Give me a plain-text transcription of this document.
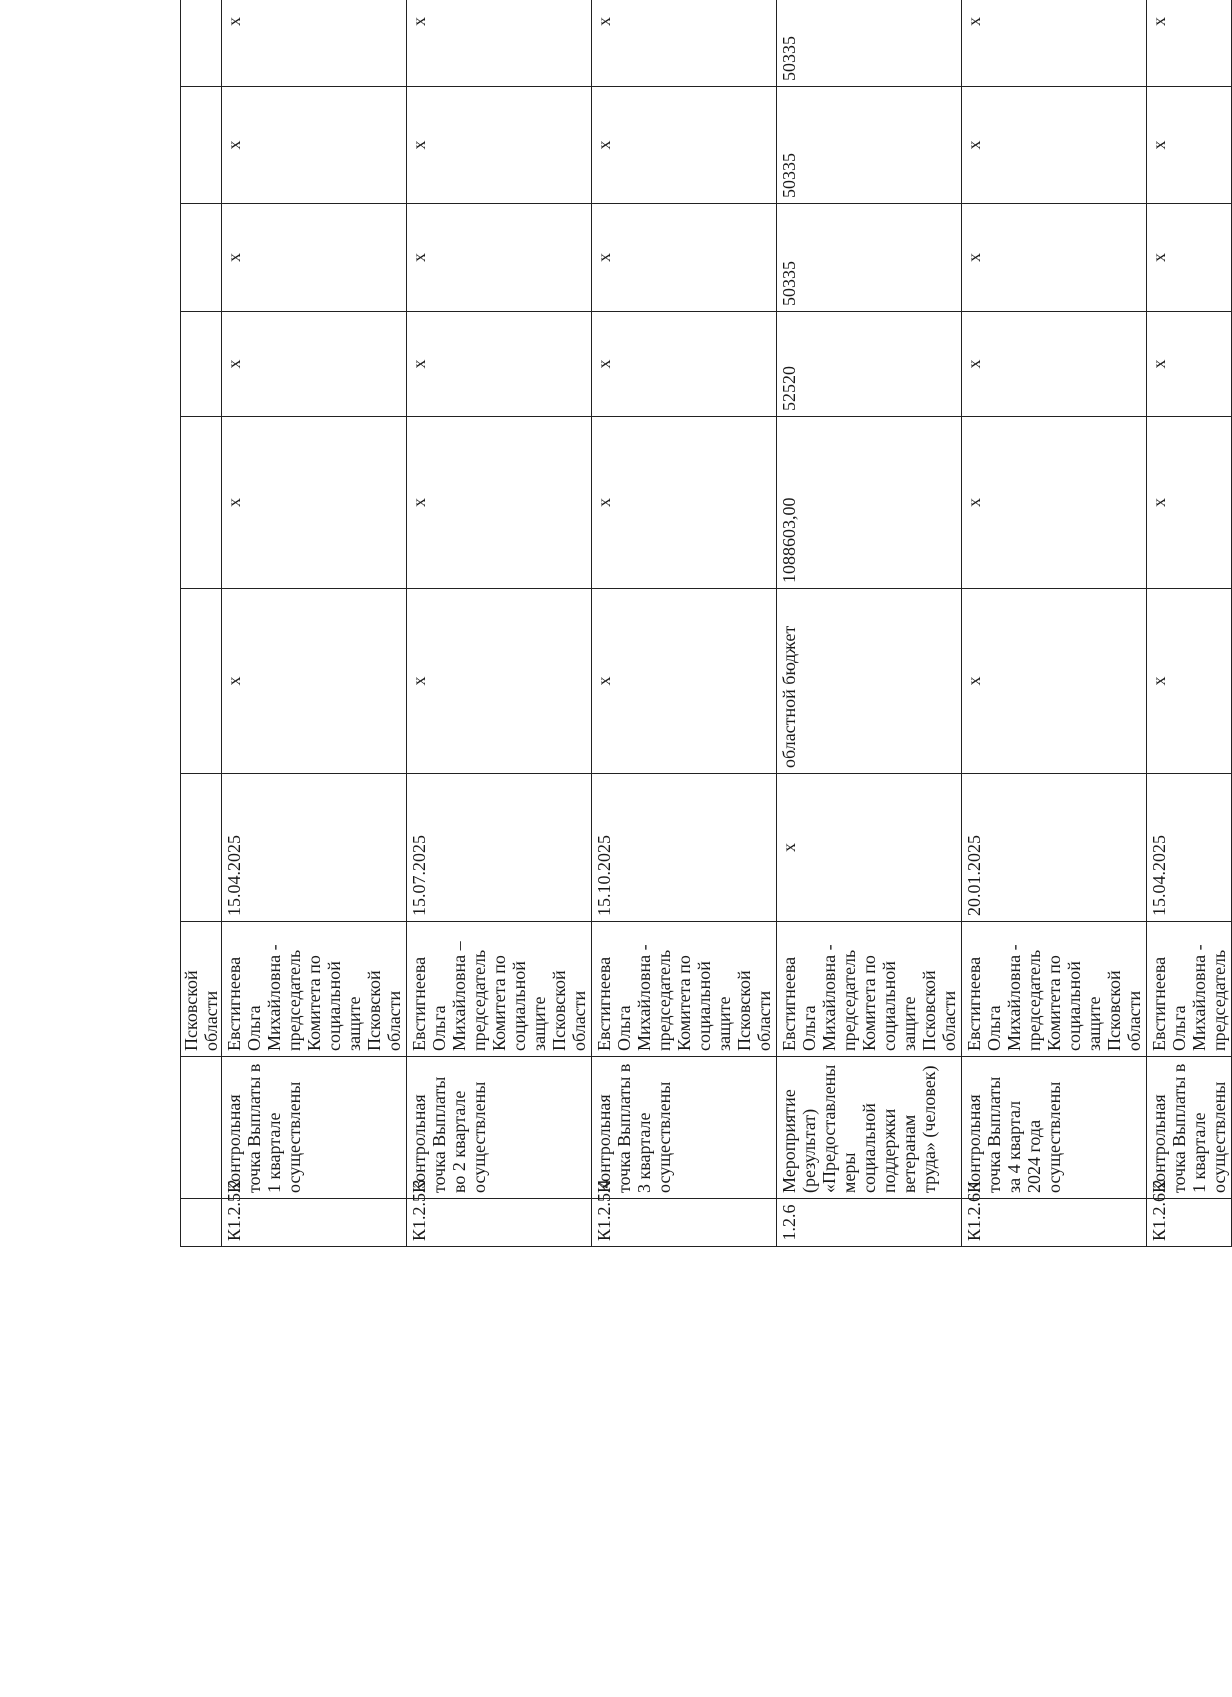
		Псковской области							
К1.2.5.2	Контрольная точка Выплаты в 1 квартале осуществлены	Евстигнеева Ольга Михайловна - председатель Комитета по социальной защите Псковской области	15.04.2025	х	х	х	х	х	х
К1.2.5.3	Контрольная точка Выплаты во 2 квартале осуществлены	Евстигнеева Ольга Михайловна – председатель Комитета по социальной защите Псковской области	15.07.2025	х	х	х	х	х	х
К1.2.5.4	Контрольная точка Выплаты в 3 квартале осуществлены	Евстигнеева Ольга Михайловна - председатель Комитета по социальной защите Псковской области	15.10.2025	х	х	х	х	х	х

1.2.6	Мероприятие (результат) «Предоставлены меры социальной поддержки ветеранам труда» (человек)	Евстигнеева Ольга Михайловна - председатель Комитета по социальной защите Псковской области	х	областной бюджет	1088603,00	52520	50335	50335	50335
К1.2.6.1	Контрольная точка Выплаты за 4 квартал 2024 года осуществлены	Евстигнеева Ольга Михайловна - председатель Комитета по социальной защите Псковской области	20.01.2025	х	х	х	х	х	х
К1.2.6.2	Контрольная точка Выплаты в 1 квартале осуществлены	Евстигнеева Ольга Михайловна - председатель	15.04.2025	х	х	х	х	х	х
